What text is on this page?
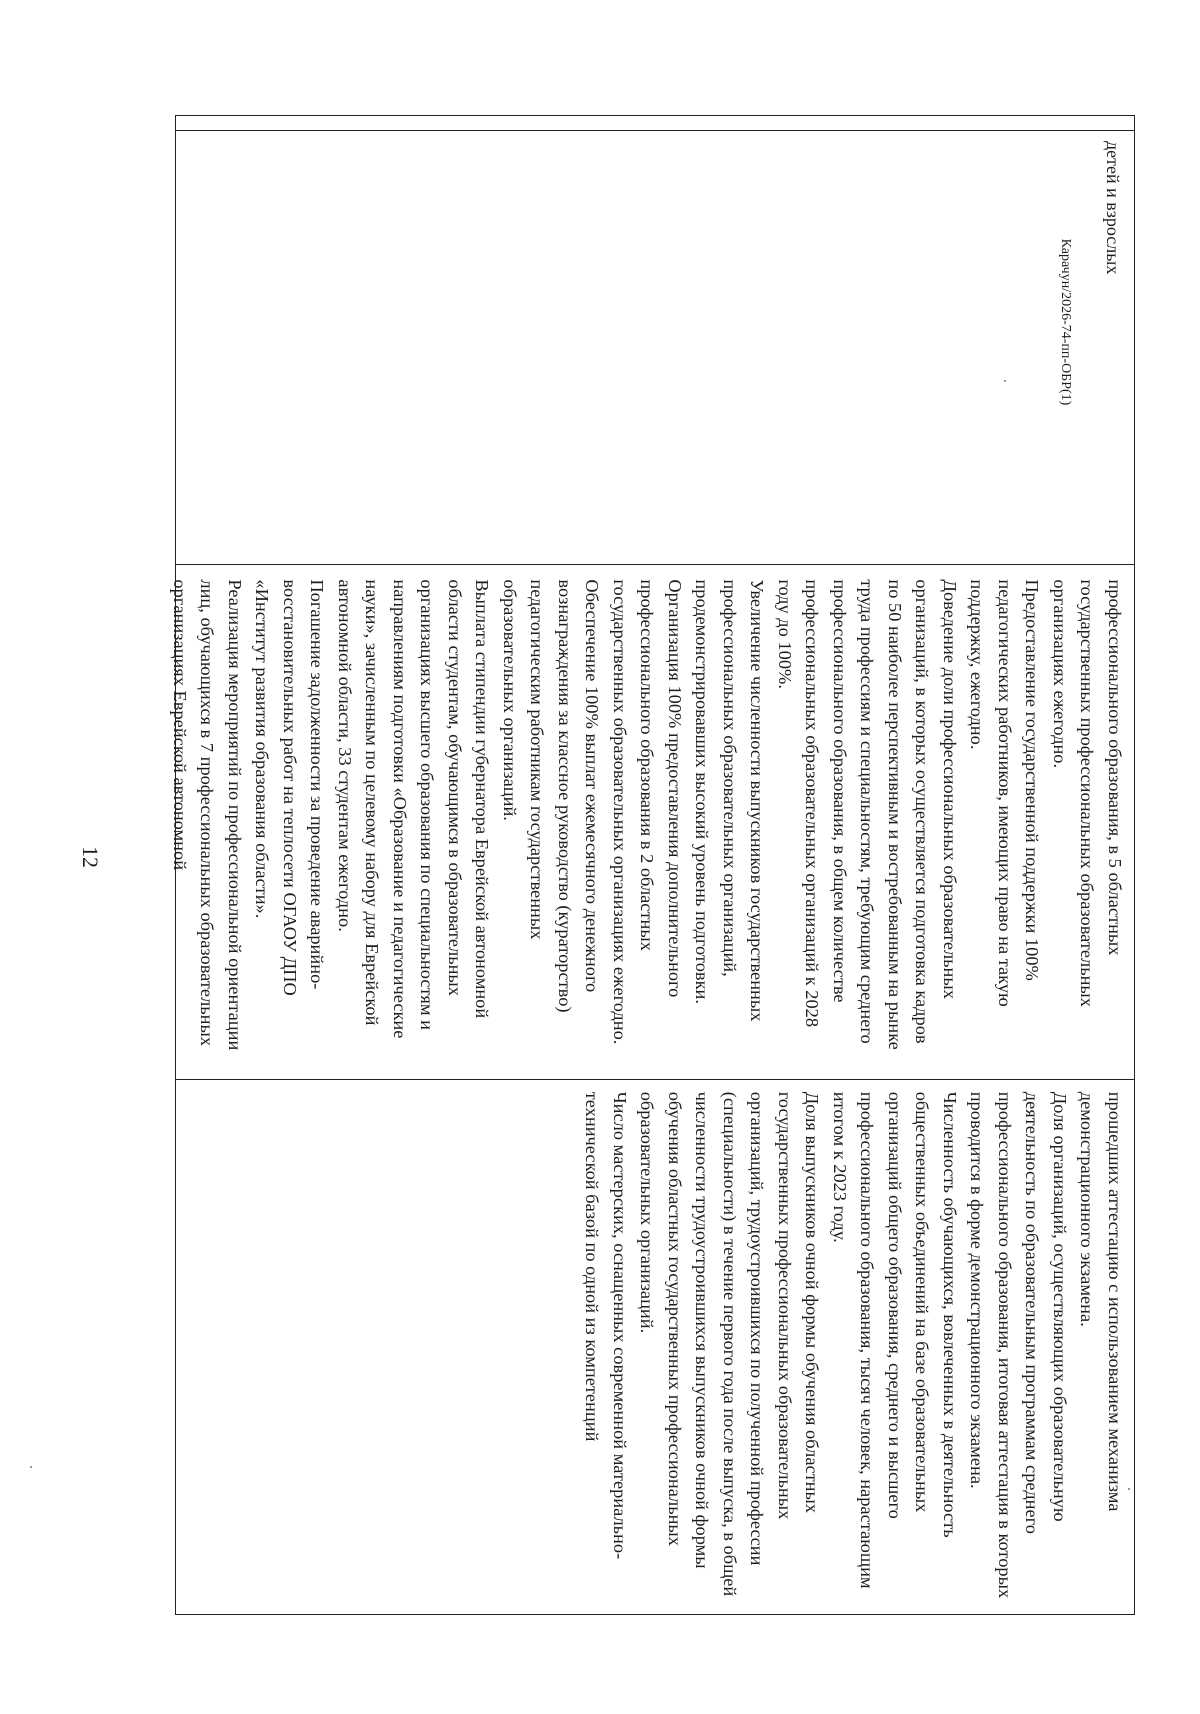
12
Карачун/2026-74-пп-ОБР(1)

детей и взрослых

профессионального образования, в 5 областных государственных профессиональных образовательных организациях ежегодно.

Предоставление государственной поддержки 100% педагогических работников, имеющих право на такую поддержку, ежегодно.

Доведение доли профессиональных образовательных организаций, в которых осуществляется подготовка кадров по 50 наиболее перспективным и востребованным на рынке труда профессиям и специальностям, требующим среднего профессионального образования, в общем количестве профессиональных образовательных организаций к 2028 году до 100%.

Увеличение численности выпускников государственных профессиональных образовательных организаций, продемонстрировавших высокий уровень подготовки.

Организация 100% предоставления дополнительного профессионального образования в 2 областных государственных образовательных организациях ежегодно.

Обеспечение 100% выплат ежемесячного денежного вознаграждения за классное руководство (кураторство) педагогическим работникам государственных образовательных организаций.

Выплата стипендии губернатора Еврейской автономной области студентам, обучающимся в образовательных организациях высшего образования по специальностям и направлениям подготовки «Образование и педагогические науки», зачисленным по целевому набору для Еврейской автономной области, 33 студентам ежегодно.

Погашение задолженности за проведение аварийно-восстановительных работ на теплосети ОГАОУ ДПО «Институт развития образования области».

Реализация мероприятий по профессиональной ориентации лиц, обучающихся в 7 профессиональных образовательных организациях Еврейской автономной

прошедших аттестацию с использованием механизма демонстрационного экзамена.

Доля организаций, осуществляющих образовательную деятельность по образовательным программам среднего профессионального образования, итоговая аттестация в которых проводится в форме демонстрационного экзамена.

Численность обучающихся, вовлеченных в деятельность общественных объединений на базе образовательных организаций общего образования, среднего и высшего профессионального образования, тысяч человек, нарастающим итогом к 2023 году.

Доля выпускников очной формы обучения областных государственных профессиональных образовательных организаций, трудоустроившихся по полученной профессии (специальности) в течение первого года после выпуска, в общей численности трудоустроившихся выпускников очной формы обучения областных государственных профессиональных образовательных организаций.

Число мастерских, оснащенных современной материально-технической базой по одной из компетенций
